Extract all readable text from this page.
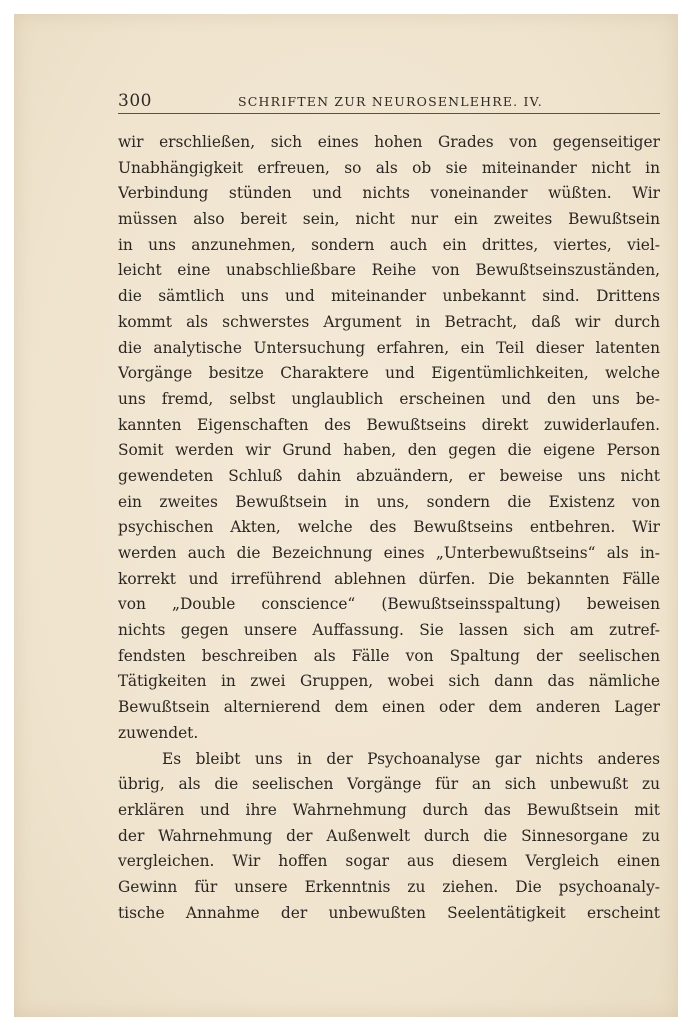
300	SCHRIFTEN ZUR NEUROSENLEHRE. IV.
wir erschließen, sich eines hohen Grades von gegenseitiger
Unabhängigkeit erfreuen, so als ob sie miteinander nicht in
Verbindung stünden und nichts voneinander wüßten. Wir
müssen also bereit sein, nicht nur ein zweites Bewußtsein
in uns anzunehmen, sondern auch ein drittes, viertes, viel-
leicht eine unabschließbare Reihe von Bewußtseinszuständen,
die sämtlich uns und miteinander unbekannt sind. Drittens
kommt als schwerstes Argument in Betracht, daß wir durch
die analytische Untersuchung erfahren, ein Teil dieser latenten
Vorgänge besitze Charaktere und Eigentümlichkeiten, welche
uns fremd, selbst unglaublich erscheinen und den uns be-
kannten Eigenschaften des Bewußtseins direkt zuwiderlaufen.
Somit werden wir Grund haben, den gegen die eigene Person
gewendeten Schluß dahin abzuändern, er beweise uns nicht
ein zweites Bewußtsein in uns, sondern die Existenz von
psychischen Akten, welche des Bewußtseins entbehren. Wir
werden auch die Bezeichnung eines „Unterbewußtseins“ als in-
korrekt und irreführend ablehnen dürfen. Die bekannten Fälle
von „Double conscience“ (Bewußtseinsspaltung) beweisen
nichts gegen unsere Auffassung. Sie lassen sich am zutref-
fendsten beschreiben als Fälle von Spaltung der seelischen
Tätigkeiten in zwei Gruppen, wobei sich dann das nämliche
Bewußtsein alternierend dem einen oder dem anderen Lager
zuwendet.
Es bleibt uns in der Psychoanalyse gar nichts anderes
übrig, als die seelischen Vorgänge für an sich unbewußt zu
erklären und ihre Wahrnehmung durch das Bewußtsein mit
der Wahrnehmung der Außenwelt durch die Sinnesorgane zu
vergleichen. Wir hoffen sogar aus diesem Vergleich einen
Gewinn für unsere Erkenntnis zu ziehen. Die psychoanaly-
tische Annahme der unbewußten Seelentätigkeit erscheint
